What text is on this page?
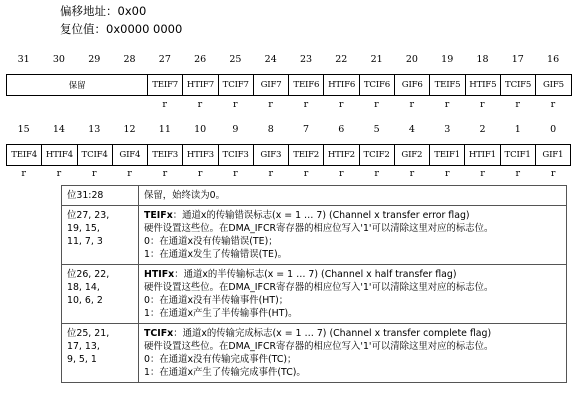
偏移地址：0x00
复位值：0x0000 0000
31	30	29	28	27	26	25	24	23	22	21	20	19	18	17	16
保留	TEIF7	HTIF7	TCIF7	GIF7	TEIF6	HTIF6	TCIF6	GIF6	TEIF5	HTIF5	TCIF5	GIF5
r	r	r	r	r	r	r	r	r	r	r	r
15	14	13	12	11	10	9	8	7	6	5	4	3	2	1	0
TEIF4	HTIF4	TCIF4	GIF4	TEIF3	HTIF3	TCIF3	GIF3	TEIF2	HTIF2	TCIF2	GIF2	TEIF1	HTIF1	TCIF1	GIF1
r	r	r	r	r	r	r	r	r	r	r	r	r	r	r	r
位31:28	保留，始终读为0。

位27, 23,
19, 15,
11, 7, 3	TEIFx：通道x的传输错误标志(x = 1 … 7) (Channel x transfer error flag)
硬件设置这些位。在DMA_IFCR寄存器的相应位写入'1'可以清除这里对应的标志位。
0：在通道x没有传输错误(TE)；
1：在通道x发生了传输错误(TE)。

位26, 22,
18, 14,
10, 6, 2	HTIFx：通道x的半传输标志(x = 1 … 7) (Channel x half transfer flag)
硬件设置这些位。在DMA_IFCR寄存器的相应位写入'1'可以清除这里对应的标志位。
0：在通道x没有半传输事件(HT)；
1：在通道x产生了半传输事件(HT)。

位25, 21,
17, 13,
9, 5, 1	TCIFx：通道x的传输完成标志(x = 1 … 7) (Channel x transfer complete flag)
硬件设置这些位。在DMA_IFCR寄存器的相应位写入'1'可以清除这里对应的标志位。
0：在通道x没有传输完成事件(TC)；
1：在通道x产生了传输完成事件(TC)。
